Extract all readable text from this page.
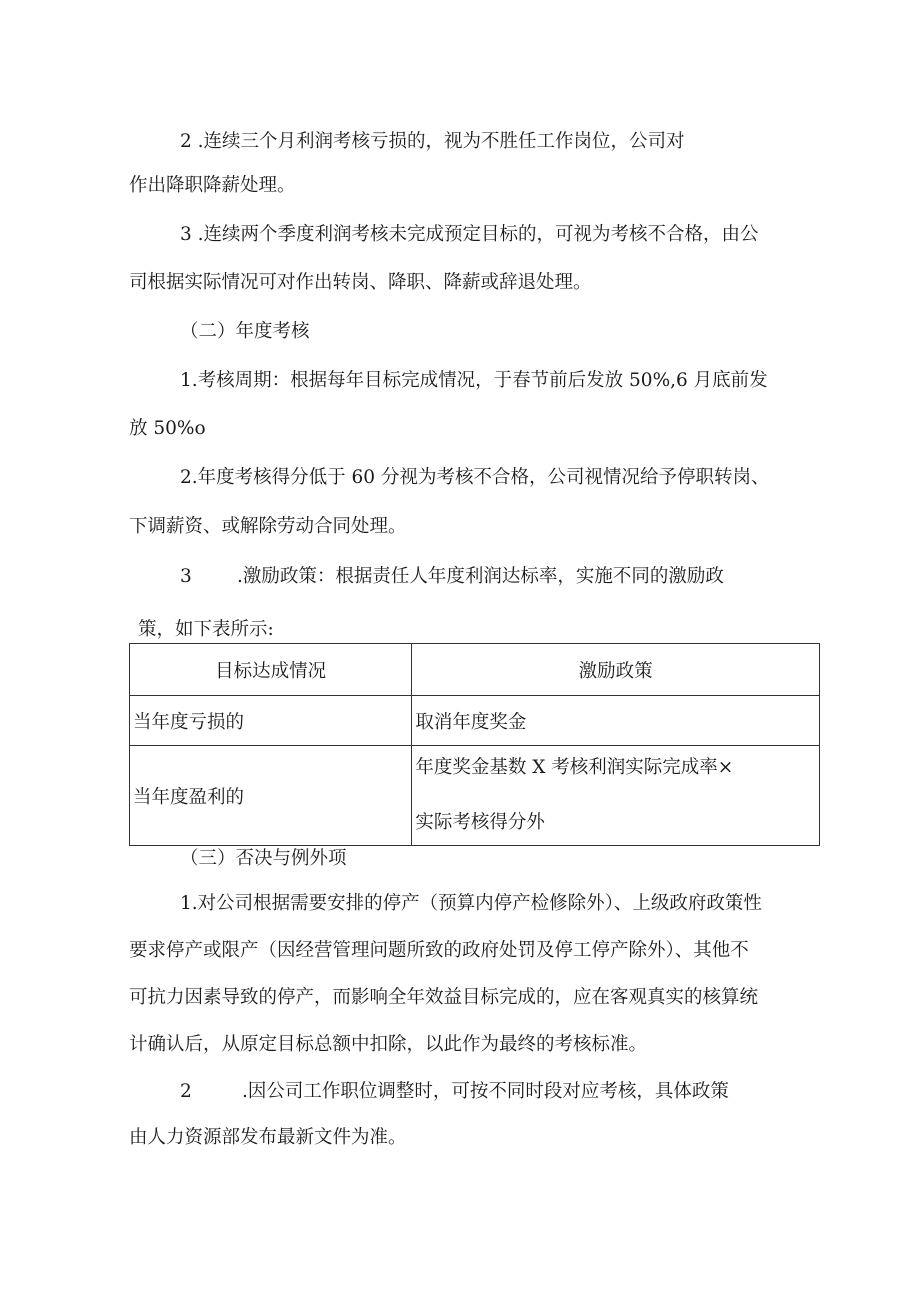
2 .连续三个月利润考核亏损的，视为不胜任工作岗位，公司对
作出降职降薪处理。
3 .连续两个季度利润考核未完成预定目标的，可视为考核不合格，由公
司根据实际情况可对作出转岗、降职、降薪或辞退处理。
（二）年度考核
1.考核周期：根据每年目标完成情况，于春节前后发放 50%,6 月底前发
放 50%o
2.年度考核得分低于 60 分视为考核不合格，公司视情况给予停职转岗、
下调薪资、或解除劳动合同处理。
3 .激励政策：根据责任人年度利润达标率，实施不同的激励政
策，如下表所示:
目标达成情况	激励政策
当年度亏损的	取消年度奖金
当年度盈利的	年度奖金基数 X 考核利润实际完成率×
实际考核得分外
（三）否决与例外项
1.对公司根据需要安排的停产（预算内停产检修除外）、上级政府政策性
要求停产或限产（因经营管理问题所致的政府处罚及停工停产除外）、其他不
可抗力因素导致的停产，而影响全年效益目标完成的，应在客观真实的核算统
计确认后，从原定目标总额中扣除，以此作为最终的考核标准。
2	.因公司工作职位调整时，可按不同时段对应考核，具体政策
由人力资源部发布最新文件为准。
